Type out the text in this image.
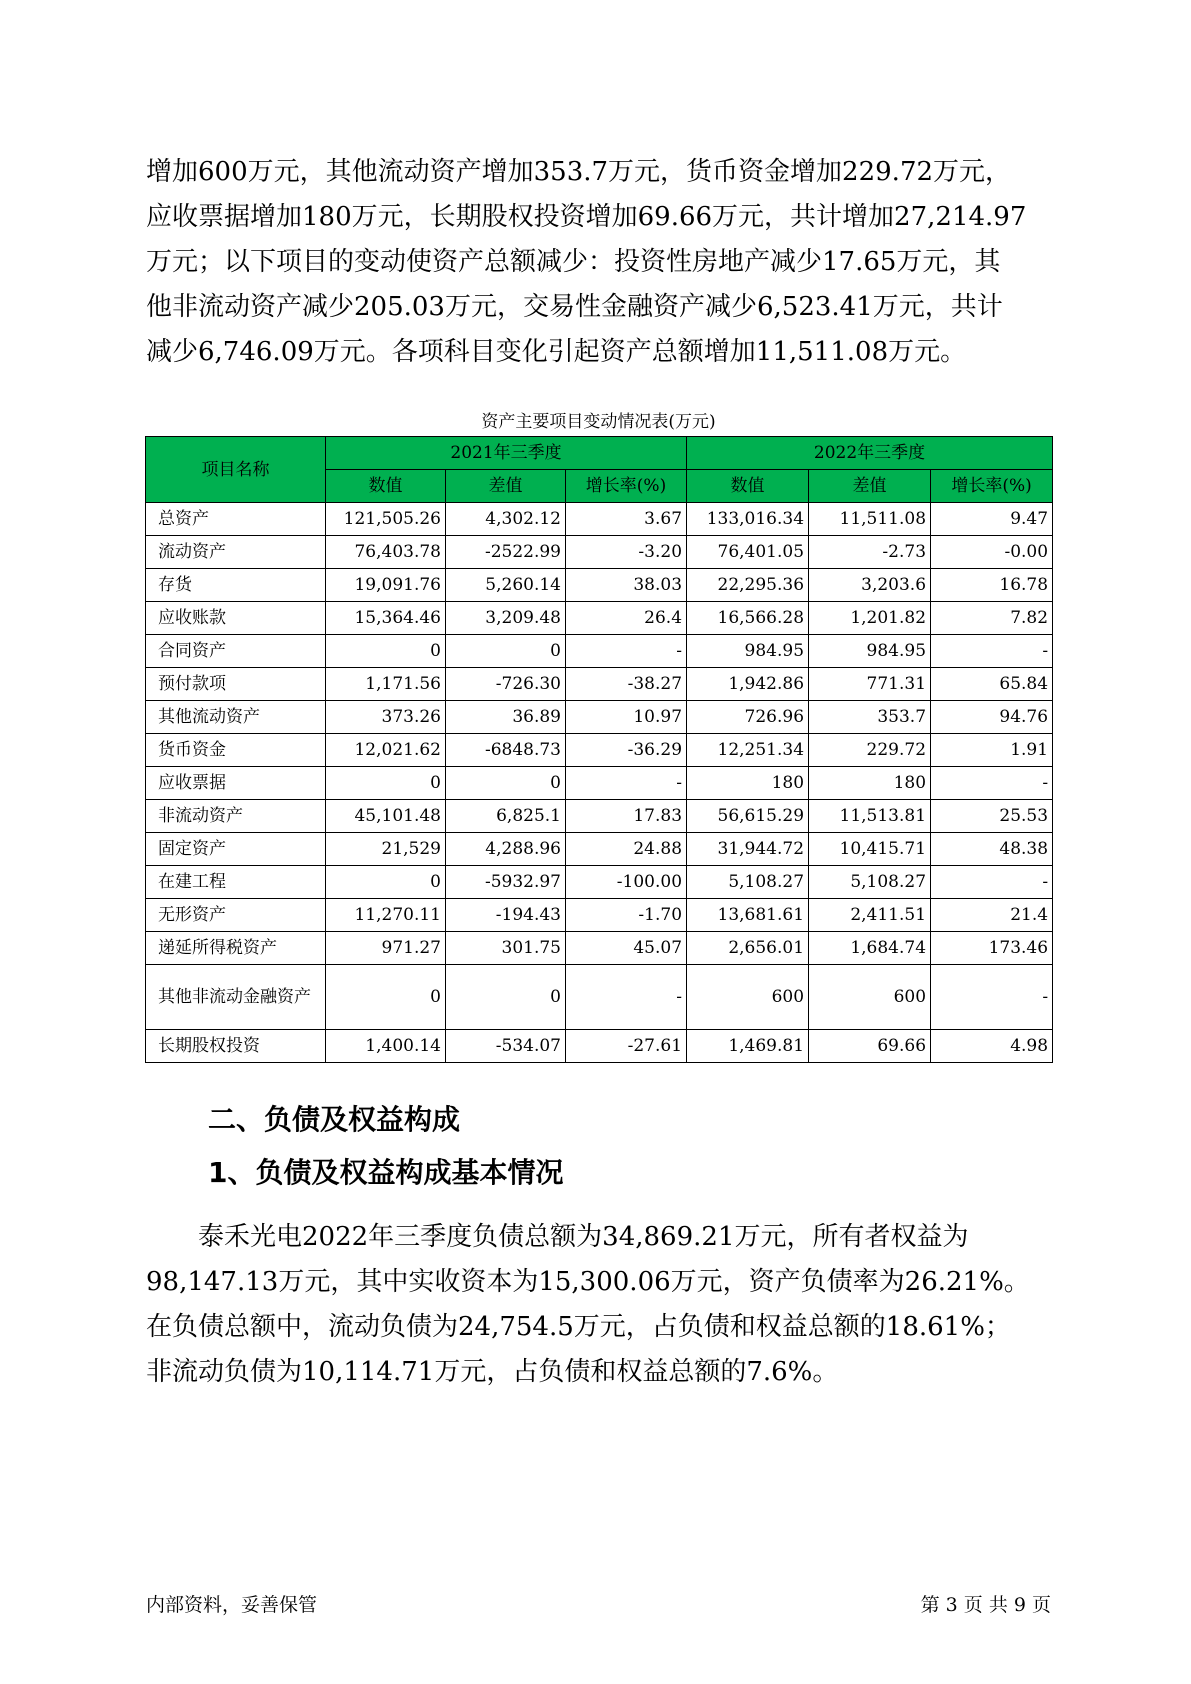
增加600万元，其他流动资产增加353.7万元，货币资金增加229.72万元，

应收票据增加180万元，长期股权投资增加69.66万元，共计增加27,214.97

万元；以下项目的变动使资产总额减少：投资性房地产减少17.65万元，其

他非流动资产减少205.03万元，交易性金融资产减少6,523.41万元，共计

减少6,746.09万元。各项科目变化引起资产总额增加11,511.08万元。

资产主要项目变动情况表(万元)
项目名称	2021年三季度			2022年三季度		
	数值	差值	增长率(%)	数值	差值	增长率(%)
总资产	121,505.26	4,302.12	3.67	133,016.34	11,511.08	9.47
流动资产	76,403.78	-2522.99	-3.20	76,401.05	-2.73	-0.00
存货	19,091.76	5,260.14	38.03	22,295.36	3,203.6	16.78
应收账款	15,364.46	3,209.48	26.4	16,566.28	1,201.82	7.82
合同资产	0	0	-	984.95	984.95	-
预付款项	1,171.56	-726.30	-38.27	1,942.86	771.31	65.84
其他流动资产	373.26	36.89	10.97	726.96	353.7	94.76
货币资金	12,021.62	-6848.73	-36.29	12,251.34	229.72	1.91
应收票据	0	0	-	180	180	-
非流动资产	45,101.48	6,825.1	17.83	56,615.29	11,513.81	25.53
固定资产	21,529	4,288.96	24.88	31,944.72	10,415.71	48.38
在建工程	0	-5932.97	-100.00	5,108.27	5,108.27	-
无形资产	11,270.11	-194.43	-1.70	13,681.61	2,411.51	21.4
递延所得税资产	971.27	301.75	45.07	2,656.01	1,684.74	173.46
其他非流动金融资产	0	0	-	600	600	-
长期股权投资	1,400.14	-534.07	-27.61	1,469.81	69.66	4.98
二、负债及权益构成
1、负债及权益构成基本情况

泰禾光电2022年三季度负债总额为34,869.21万元，所有者权益为

98,147.13万元，其中实收资本为15,300.06万元，资产负债率为26.21%。

在负债总额中，流动负债为24,754.5万元，占负债和权益总额的18.61%；

非流动负债为10,114.71万元，占负债和权益总额的7.6%。

内部资料，妥善保管	第 3 页 共 9 页
